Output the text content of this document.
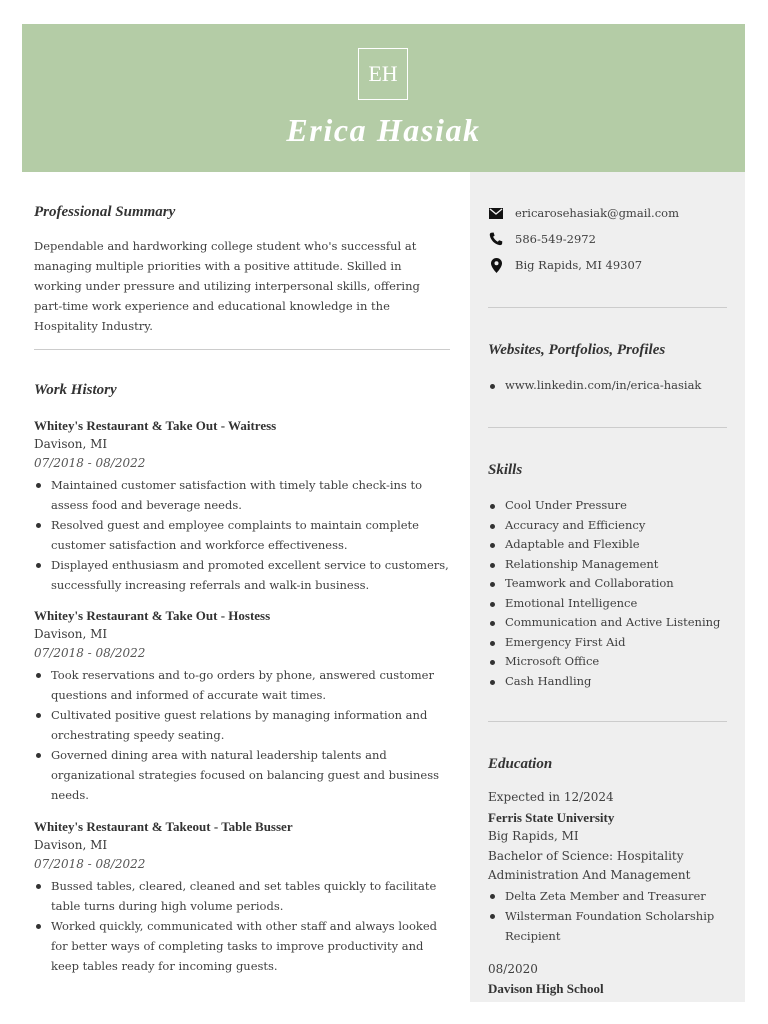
EH
Erica Hasiak
Professional Summary

Dependable and hardworking college student who's successful at managing multiple priorities with a positive attitude. Skilled in working under pressure and utilizing interpersonal skills, offering part-time work experience and educational knowledge in the Hospitality Industry.

Work History

Whitey's Restaurant & Take Out - Waitress

Davison, MI

07/2018 - 08/2022

Maintained customer satisfaction with timely table check-ins to assess food and beverage needs.
Resolved guest and employee complaints to maintain complete customer satisfaction and workforce effectiveness.
Displayed enthusiasm and promoted excellent service to customers, successfully increasing referrals and walk-in business.

Whitey's Restaurant & Take Out - Hostess

Davison, MI

07/2018 - 08/2022

Took reservations and to-go orders by phone, answered customer questions and informed of accurate wait times.
Cultivated positive guest relations by managing information and orchestrating speedy seating.
Governed dining area with natural leadership talents and organizational strategies focused on balancing guest and business needs.

Whitey's Restaurant & Takeout - Table Busser

Davison, MI

07/2018 - 08/2022

Bussed tables, cleared, cleaned and set tables quickly to facilitate table turns during high volume periods.
Worked quickly, communicated with other staff and always looked for better ways of completing tasks to improve productivity and keep tables ready for incoming guests.
ericarosehasiak@gmail.com
586-549-2972
Big Rapids, MI 49307
Websites, Portfolios, Profiles
www.linkedin.com/in/erica-hasiak
Skills
Cool Under Pressure
Accuracy and Efficiency
Adaptable and Flexible
Relationship Management
Teamwork and Collaboration
Emotional Intelligence
Communication and Active Listening
Emergency First Aid
Microsoft Office
Cash Handling
Education

Expected in 12/2024

Ferris State University

Big Rapids, MI

Bachelor of Science: Hospitality Administration And Management

Delta Zeta Member and Treasurer
Wilsterman Foundation Scholarship Recipient

08/2020

Davison High School
